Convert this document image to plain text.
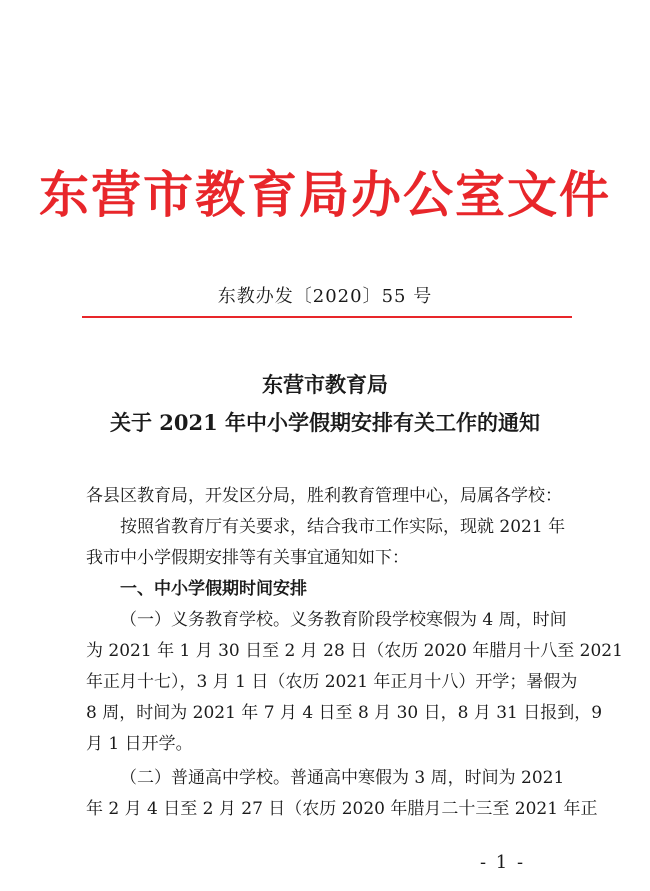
东营市教育局办公室文件
东教办发〔2020〕55 号
东营市教育局
关于 2021 年中小学假期安排有关工作的通知
各县区教育局，开发区分局，胜利教育管理中心，局属各学校：
按照省教育厅有关要求，结合我市工作实际，现就 2021 年
我市中小学假期安排等有关事宜通知如下：
一、中小学假期时间安排
（一）义务教育学校。义务教育阶段学校寒假为 4 周，时间
为 2021 年 1 月 30 日至 2 月 28 日（农历 2020 年腊月十八至 2021
年正月十七），3 月 1 日（农历 2021 年正月十八）开学；暑假为
8 周，时间为 2021 年 7 月 4 日至 8 月 30 日，8 月 31 日报到，9
月 1 日开学。
（二）普通高中学校。普通高中寒假为 3 周，时间为 2021
年 2 月 4 日至 2 月 27 日（农历 2020 年腊月二十三至 2021 年正
- 1 -
